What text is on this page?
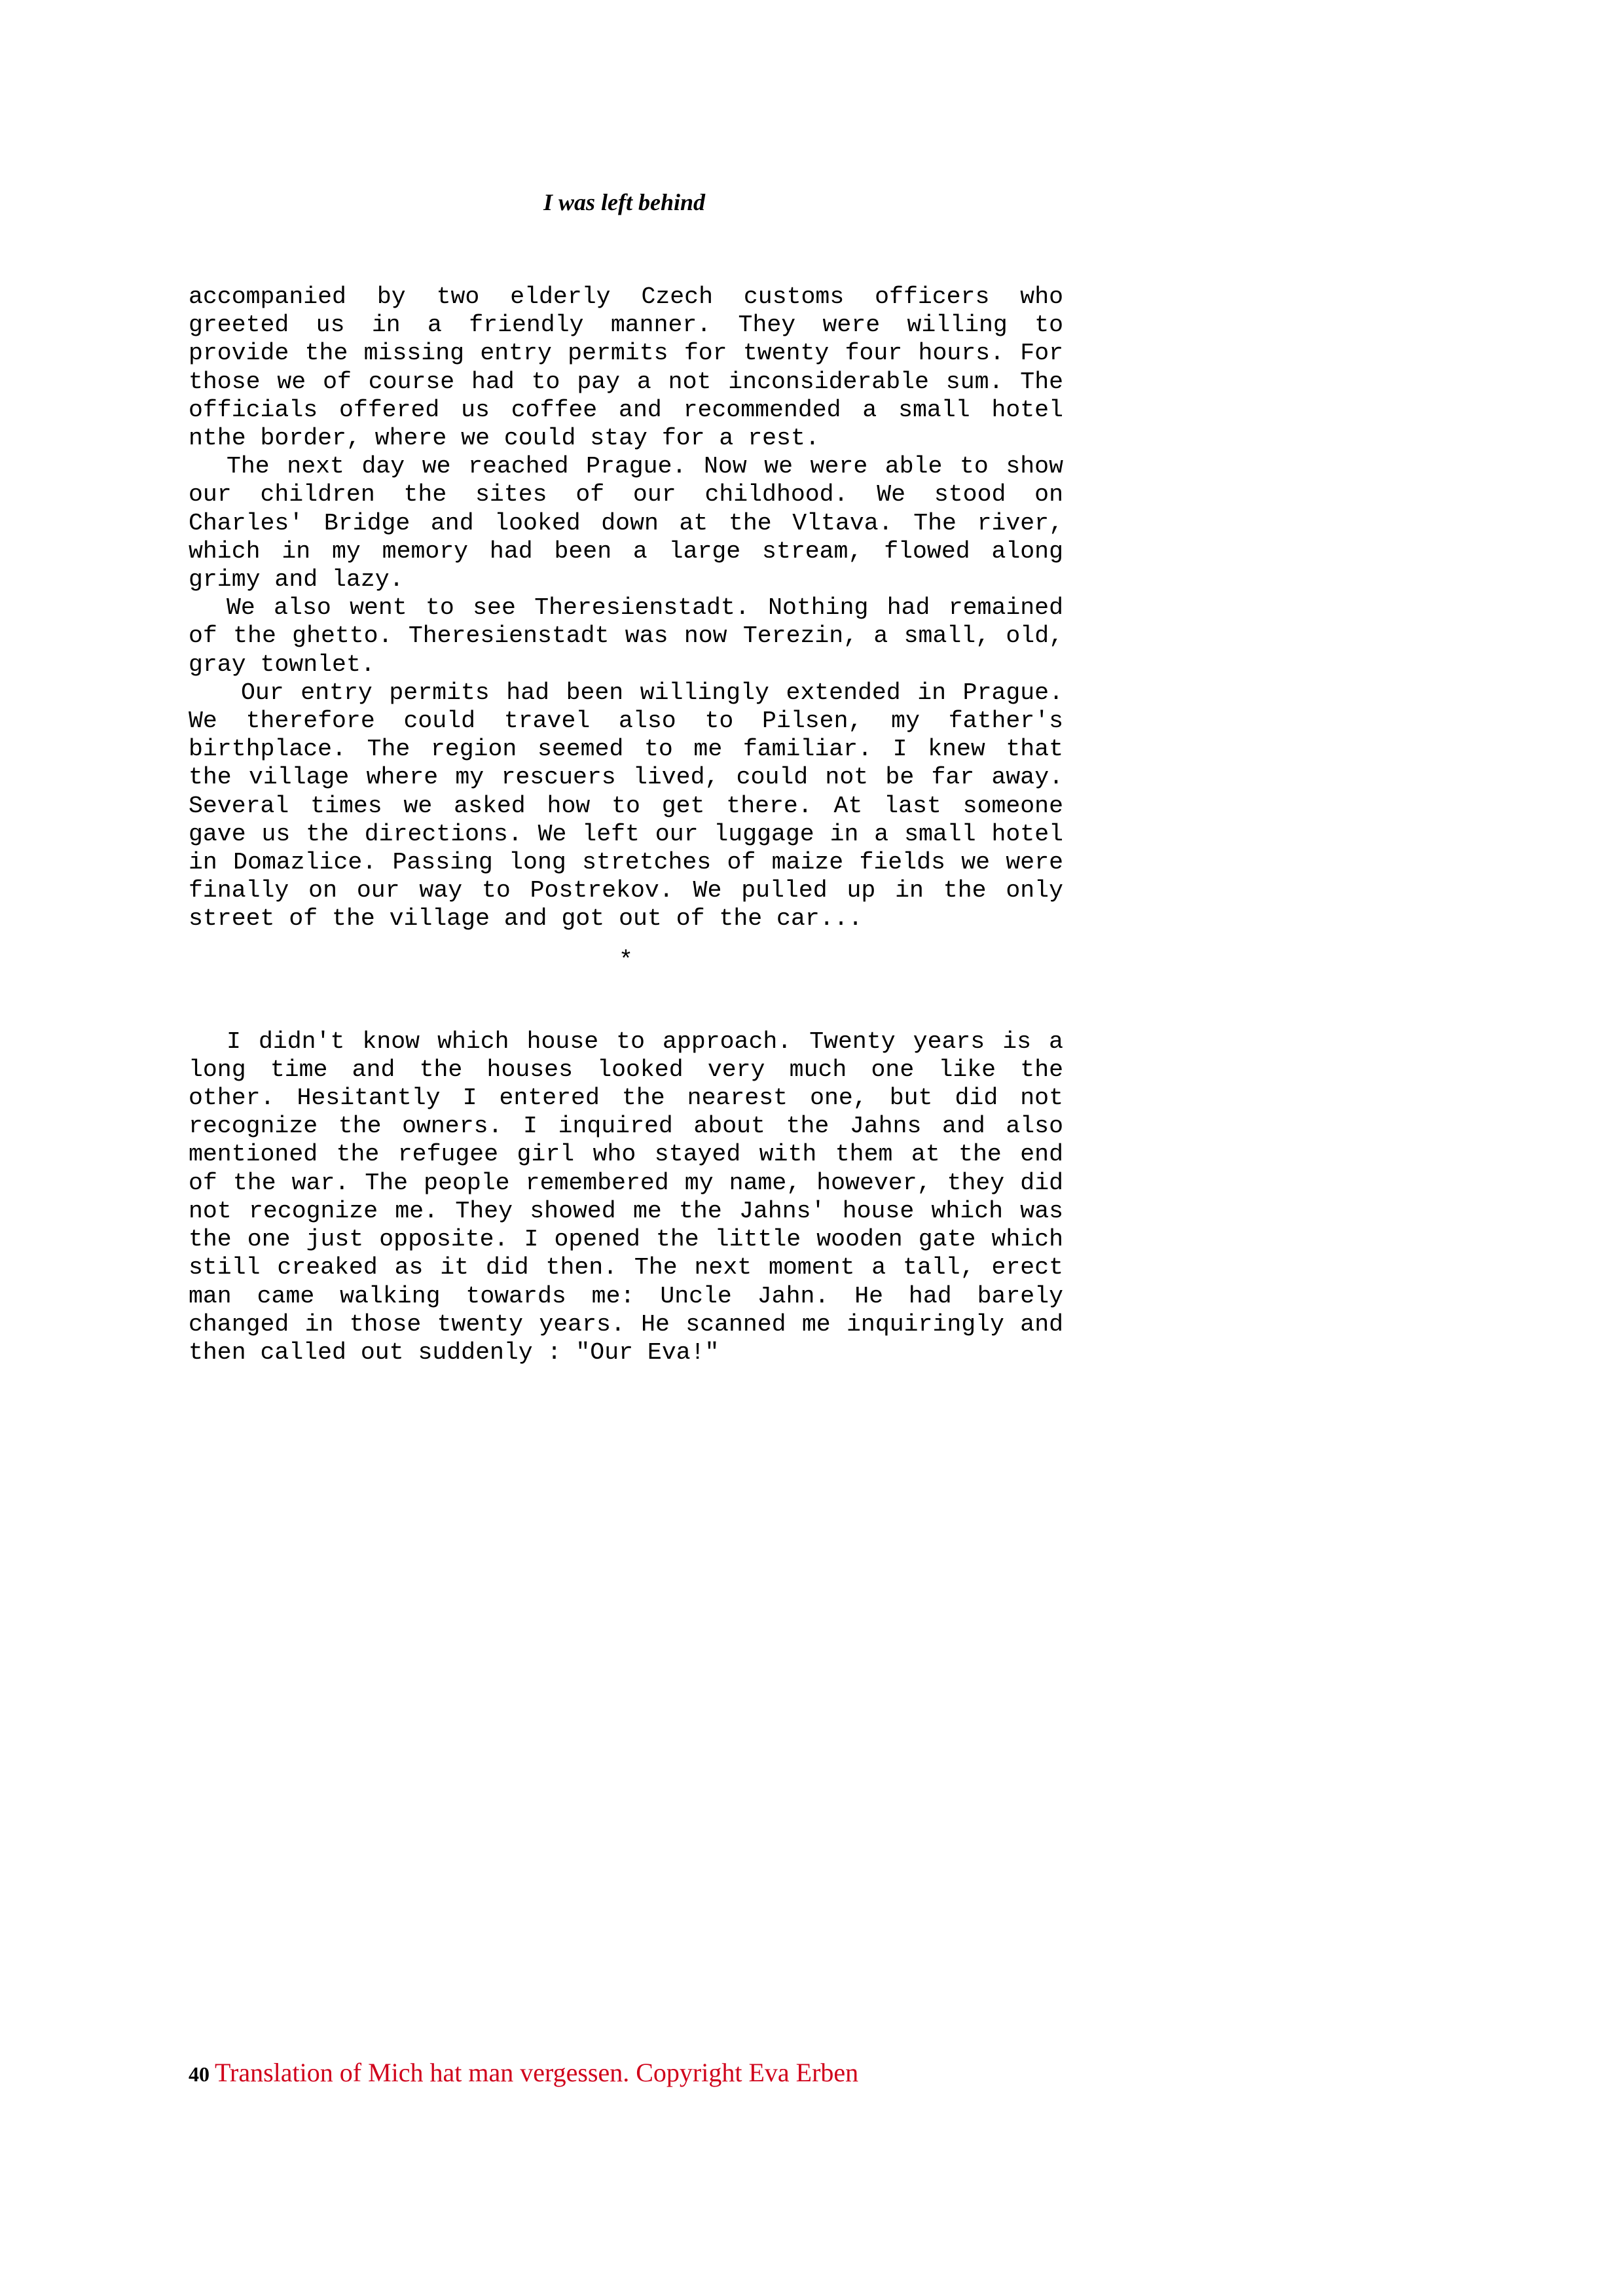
I was left behind

accompanied by two elderly Czech customs officers who greeted us in a friendly manner. They were willing to provide the missing entry permits for twenty four hours. For those we of course had to pay a not inconsiderable sum. The officials offered us coffee and recommended a small hotel nthe border, where we could stay for a rest.

The next day we reached Prague. Now we were able to show our children the sites of our childhood. We stood on Charles' Bridge and looked down at the Vltava. The river, which in my memory had been a large stream, flowed along grimy and lazy.

We also went to see Theresienstadt. Nothing had remained of the ghetto. Theresienstadt was now Terezin, a small, old, gray townlet.

Our entry permits had been willingly extended in Prague. We therefore could travel also to Pilsen, my father's birthplace. The region seemed to me familiar. I knew that the village where my rescuers lived, could not be far away. Several times we asked how to get there. At last someone gave us the directions. We left our luggage in a small hotel in Domazlice. Passing long stretches of maize fields we were finally on our way to Postrekov. We pulled up in the only street of the village and got out of the car...

*

I didn't know which house to approach. Twenty years is a long time and the houses looked very much one like the other. Hesitantly I entered the nearest one, but did not recognize the owners. I inquired about the Jahns and also mentioned the refugee girl who stayed with them at the end of the war. The people remembered my name, however, they did not recognize me. They showed me the Jahns' house which was the one just opposite. I opened the little wooden gate which still creaked as it did then. The next moment a tall, erect man came walking towards me: Uncle Jahn. He had barely changed in those twenty years. He scanned me inquiringly and then called out suddenly : "Our Eva!"

40 Translation of Mich hat man vergessen. Copyright Eva Erben
